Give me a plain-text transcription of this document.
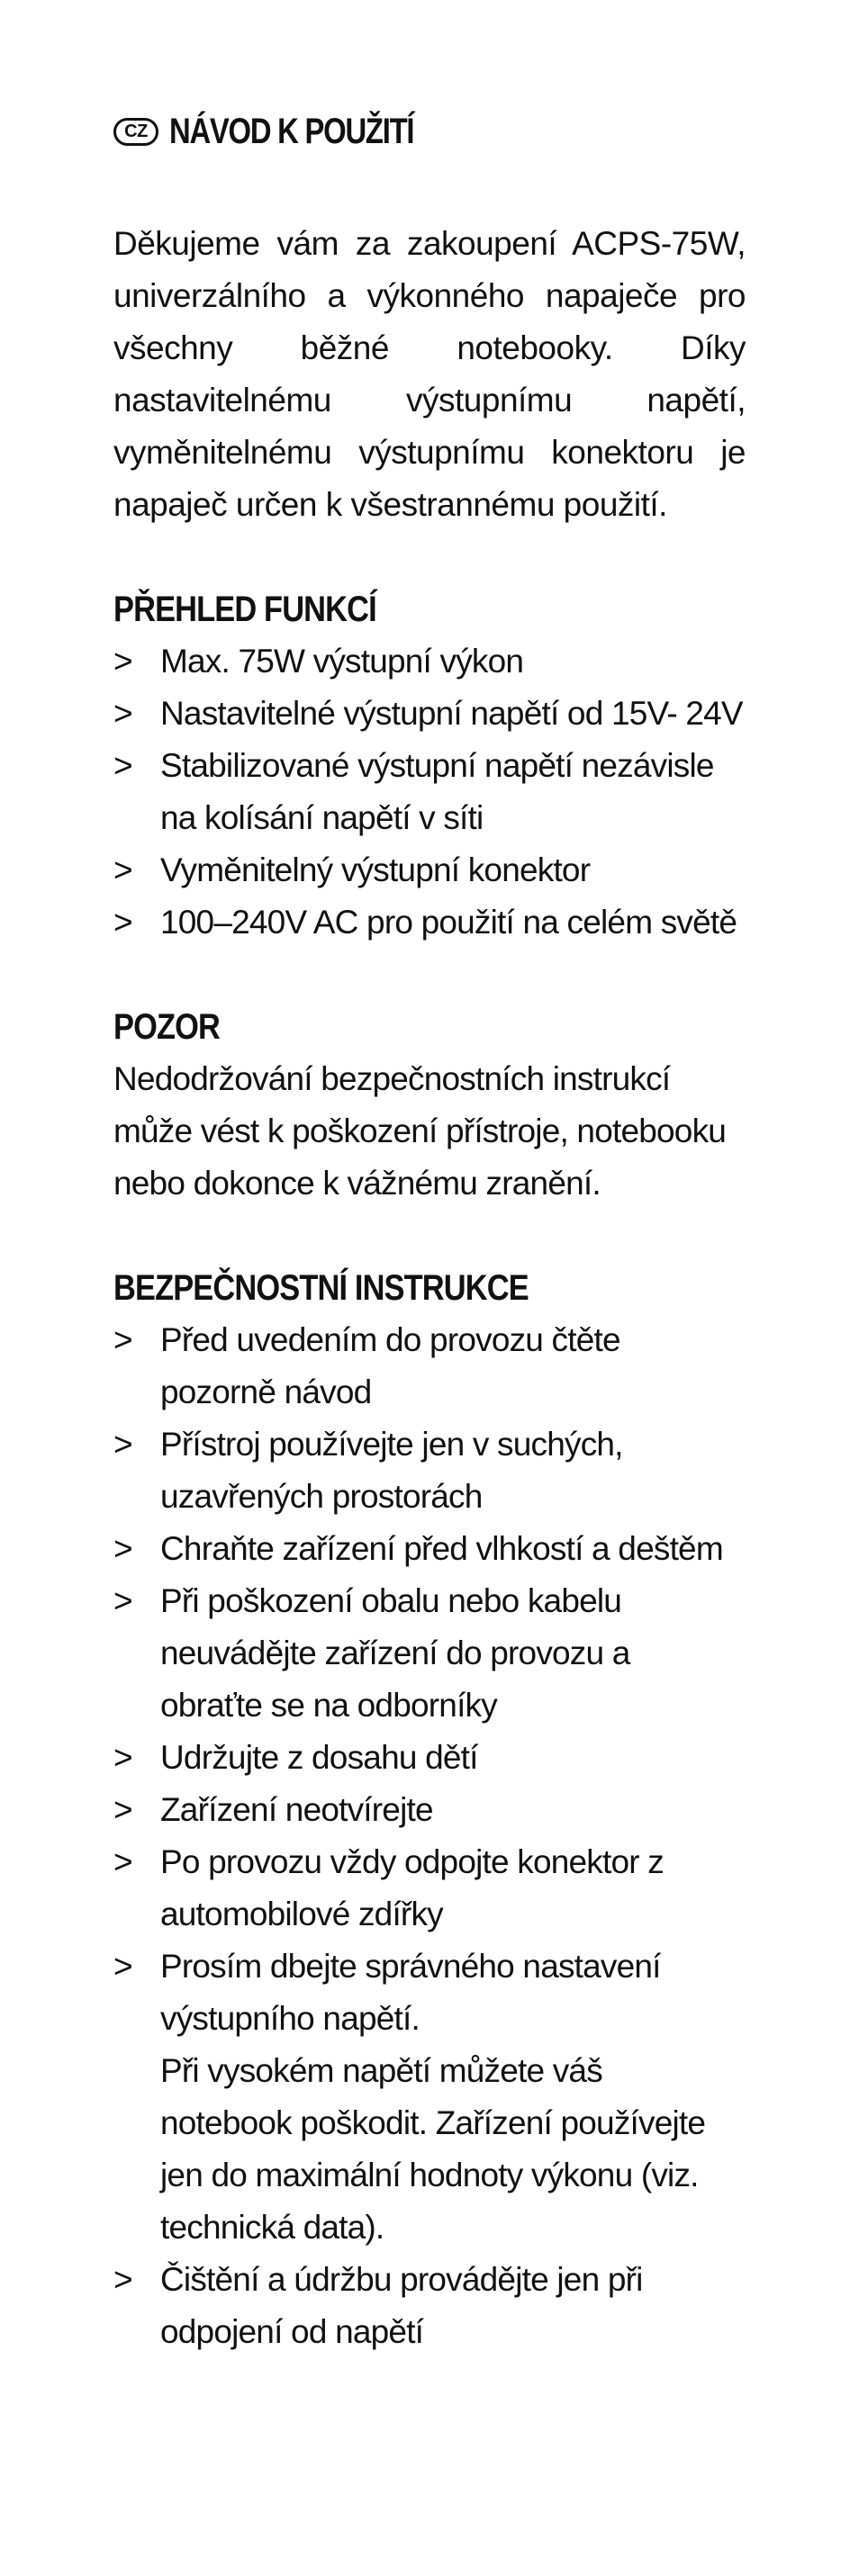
CZ NÁVOD K POUŽITÍ
Děkujeme vám za zakoupení ACPS-75W, univerzálního a výkonného napaječe pro všechny běžné notebooky. Díky nastavitelnému výstupnímu napětí, vyměnitelnému výstupnímu konektoru je napaječ určen k všestrannému použití.
PŘEHLED FUNKCÍ
> Max. 75W výstupní výkon
> Nastavitelné výstupní napětí od 15V- 24V
> Stabilizované výstupní napětí nezávisle na kolísání napětí v síti
> Vyměnitelný výstupní konektor
> 100–240V AC pro použití na celém světě
POZOR
Nedodržování bezpečnostních instrukcí může vést k poškození přístroje, notebooku nebo dokonce k vážnému zranění.
BEZPEČNOSTNÍ INSTRUKCE
> Před uvedením do provozu čtěte pozorně návod
> Přístroj používejte jen v suchých, uzavřených prostorách
> Chraňte zařízení před vlhkostí a deštěm
> Při poškození obalu nebo kabelu neuvádějte zařízení do provozu a obraťte se na odborníky
> Udržujte z dosahu dětí
> Zařízení neotvírejte
> Po provozu vždy odpojte konektor z automobilové zdířky
> Prosím dbejte správného nastavení výstupního napětí.
Při vysokém napětí můžete váš notebook poškodit. Zařízení používejte jen do maximální hodnoty výkonu (viz. technická data).
> Čištění a údržbu provádějte jen při odpojení od napětí
